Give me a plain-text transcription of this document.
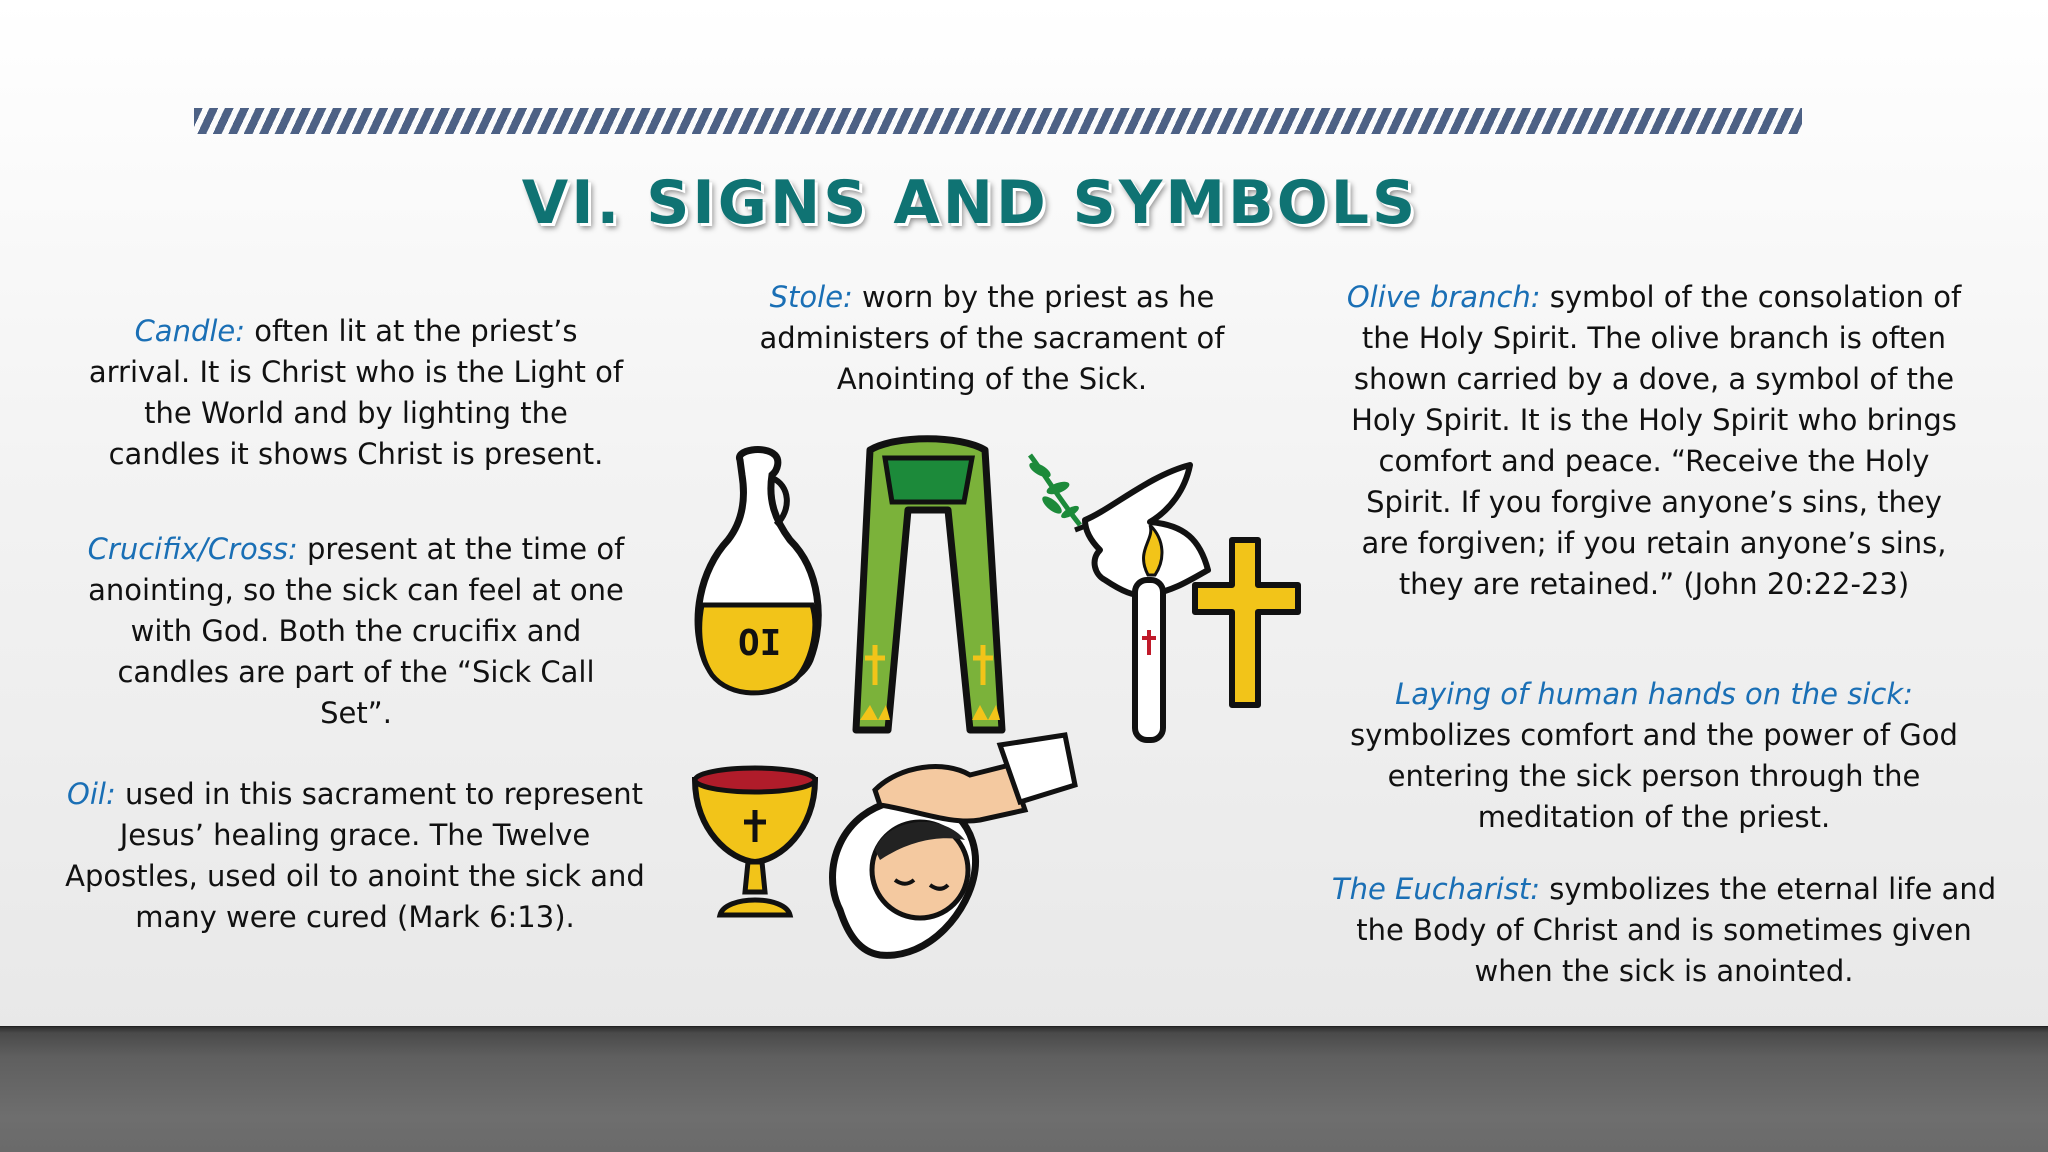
VI. SIGNS AND SYMBOLS
Candle: often lit at the priest’s arrival. It is Christ who is the Light of the World and by lighting the candles it shows Christ is present.
Crucifix/Cross: present at the time of anointing, so the sick can feel at one with God. Both the crucifix and candles are part of the “Sick Call Set”.
Oil: used in this sacrament to represent Jesus’ healing grace. The Twelve Apostles, used oil to anoint the sick and many were cured (Mark 6:13).
Stole: worn by the priest as he administers of the sacrament of Anointing of the Sick.
Olive branch: symbol of the consolation of the Holy Spirit. The olive branch is often shown carried by a dove, a symbol of the Holy Spirit. It is the Holy Spirit who brings comfort and peace. “Receive the Holy Spirit. If you forgive anyone’s sins, they are forgiven; if you retain anyone’s sins, they are retained.” (John 20:22-23)
Laying of human hands on the sick:
symbolizes comfort and the power of God entering the sick person through the meditation of the priest.
The Eucharist: symbolizes the eternal life and the Body of Christ and is sometimes given when the sick is anointed.
OI
